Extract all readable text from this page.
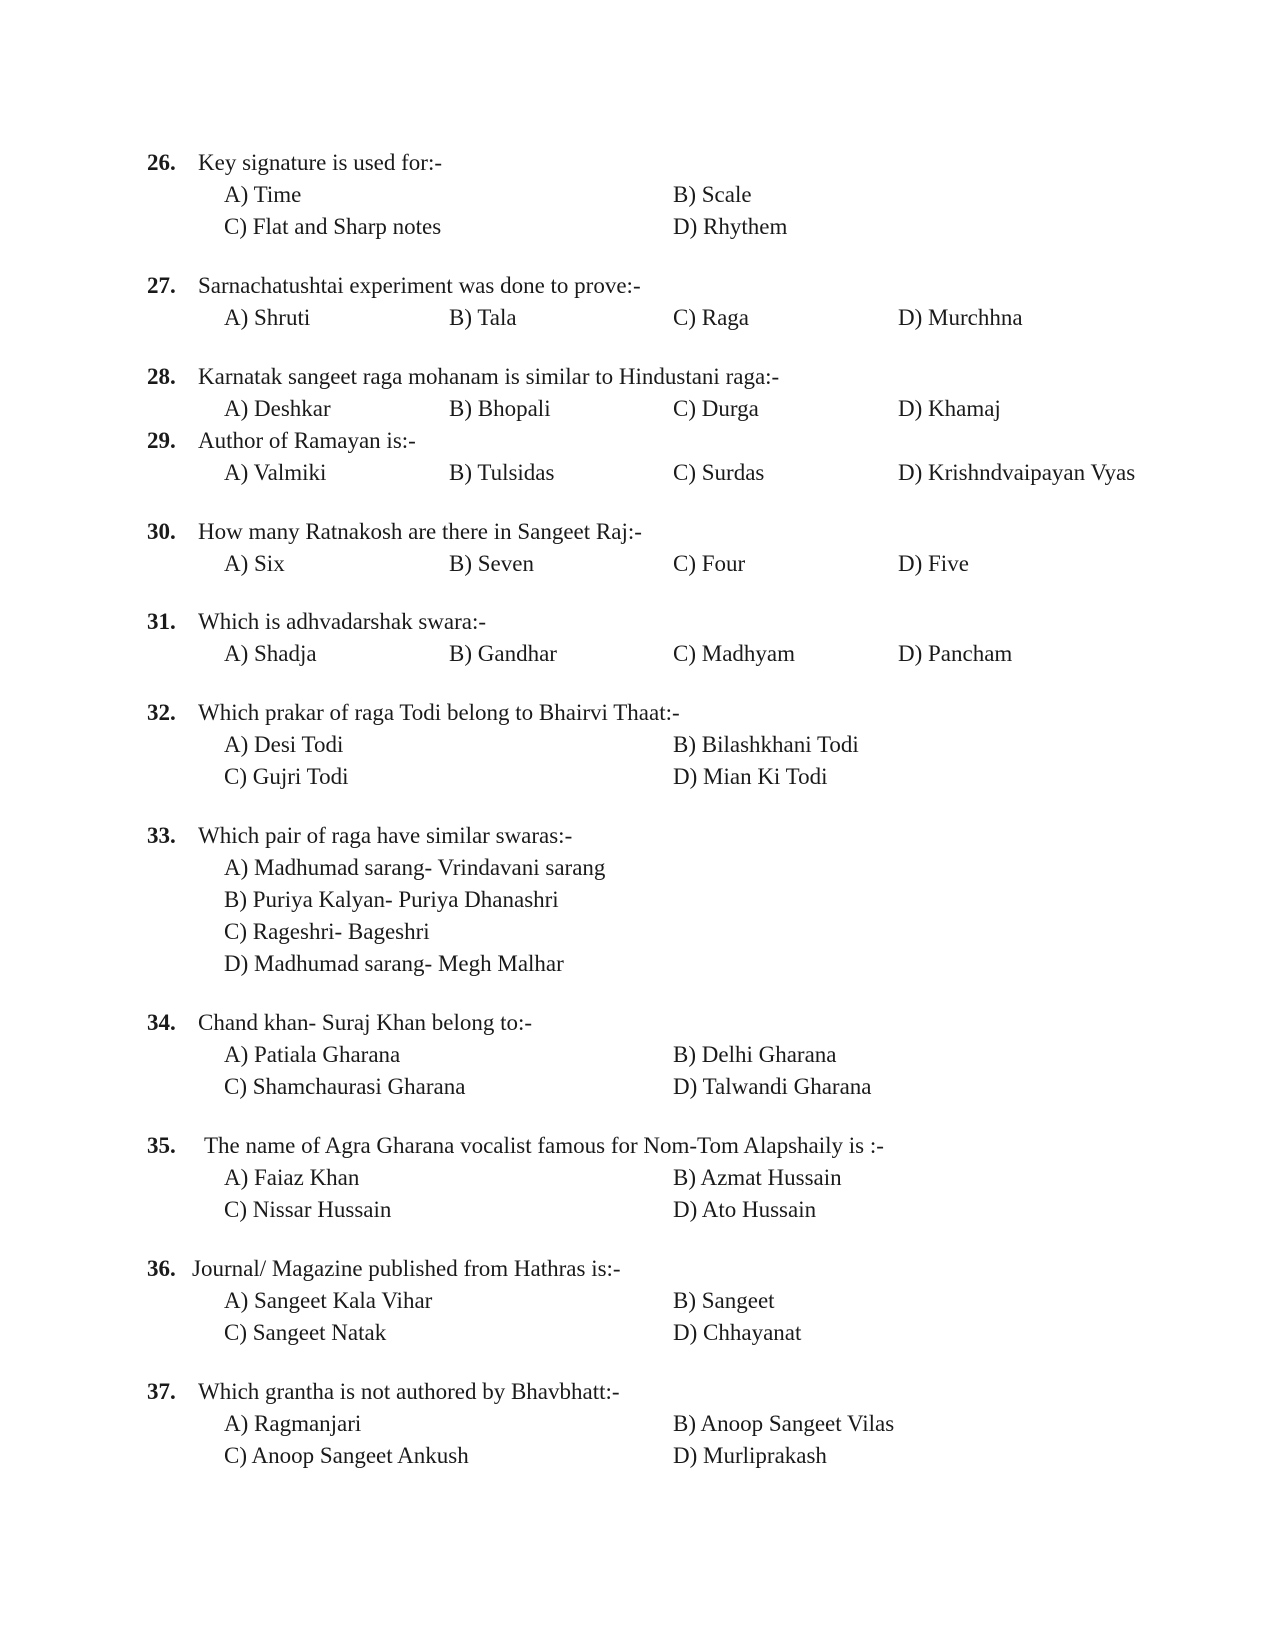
26. Key signature is used for:-
A) Time	B) Scale
C) Flat and Sharp notes	D) Rhythem
27. Sarnachatushtai experiment was done to prove:-
A) Shruti	B) Tala	C) Raga	D) Murchhna
28. Karnatak sangeet raga mohanam is similar to Hindustani raga:-
A) Deshkar	B) Bhopali	C) Durga	D) Khamaj
29. Author of Ramayan is:-
A) Valmiki	B) Tulsidas	C) Surdas	D) Krishndvaipayan Vyas
30. How many Ratnakosh are there in Sangeet Raj:-
A) Six	B) Seven	C) Four	D) Five
31. Which is adhvadarshak swara:-
A) Shadja	B) Gandhar	C) Madhyam	D) Pancham
32. Which prakar of raga Todi belong to Bhairvi Thaat:-
A) Desi Todi	B) Bilashkhani Todi
C) Gujri Todi	D) Mian Ki Todi
33. Which pair of raga have similar swaras:-
A) Madhumad sarang- Vrindavani sarang
B) Puriya Kalyan- Puriya Dhanashri
C) Rageshri- Bageshri
D) Madhumad sarang- Megh Malhar
34. Chand khan- Suraj Khan belong to:-
A) Patiala Gharana	B) Delhi Gharana
C) Shamchaurasi Gharana	D) Talwandi Gharana
35. The name of Agra Gharana vocalist famous for Nom-Tom Alapshaily is :-
A) Faiaz Khan	B) Azmat Hussain
C) Nissar Hussain	D) Ato Hussain
36. Journal/ Magazine published from Hathras is:-
A) Sangeet Kala Vihar	B) Sangeet
C) Sangeet Natak	D) Chhayanat
37. Which grantha is not authored by Bhavbhatt:-
A) Ragmanjari	B) Anoop Sangeet Vilas
C) Anoop Sangeet Ankush	D) Murliprakash
